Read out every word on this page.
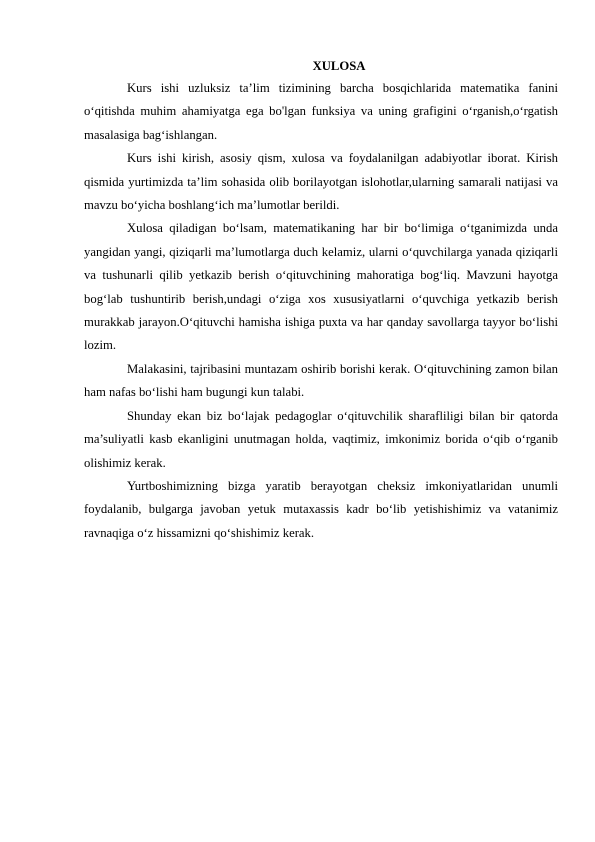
XULOSA

Kurs ishi uzluksiz ta’lim tizimining barcha bosqichlarida matematika fanini o‘qitishda muhim ahamiyatga ega bo'lgan funksiya va uning grafigini o‘rganish,o‘rgatish masalasiga bag‘ishlangan.

Kurs ishi kirish, asosiy qism, xulosa va foydalanilgan adabiyotlar iborat. Kirish qismida yurtimizda ta’lim sohasida olib borilayotgan islohotlar,ularning samarali natijasi va mavzu bo‘yicha boshlang‘ich ma’lumotlar berildi.

Xulosa qiladigan bo‘lsam, matematikaning har bir bo‘limiga o‘tganimizda unda yangidan yangi, qiziqarli ma’lumotlarga duch kelamiz, ularni o‘quvchilarga yanada qiziqarli va tushunarli qilib yetkazib berish o‘qituvchining mahoratiga bog‘liq. Mavzuni hayotga bog‘lab tushuntirib berish,undagi o‘ziga xos xususiyatlarni o‘quvchiga yetkazib berish murakkab jarayon.O‘qituvchi hamisha ishiga puxta va har qanday savollarga tayyor bo‘lishi lozim.

Malakasini, tajribasini muntazam oshirib borishi kerak. O‘qituvchining zamon bilan ham nafas bo‘lishi ham bugungi kun talabi.

Shunday ekan biz bo‘lajak pedagoglar o‘qituvchilik sharafliligi bilan bir qatorda ma’suliyatli kasb ekanligini unutmagan holda, vaqtimiz, imkonimiz borida o‘qib o‘rganib olishimiz kerak.

Yurtboshimizning bizga yaratib berayotgan cheksiz imkoniyatlaridan unumli foydalanib, bulgarga javoban yetuk mutaxassis kadr bo‘lib yetishishimiz va vatanimiz ravnaqiga o‘z hissamizni qo‘shishimiz kerak.
